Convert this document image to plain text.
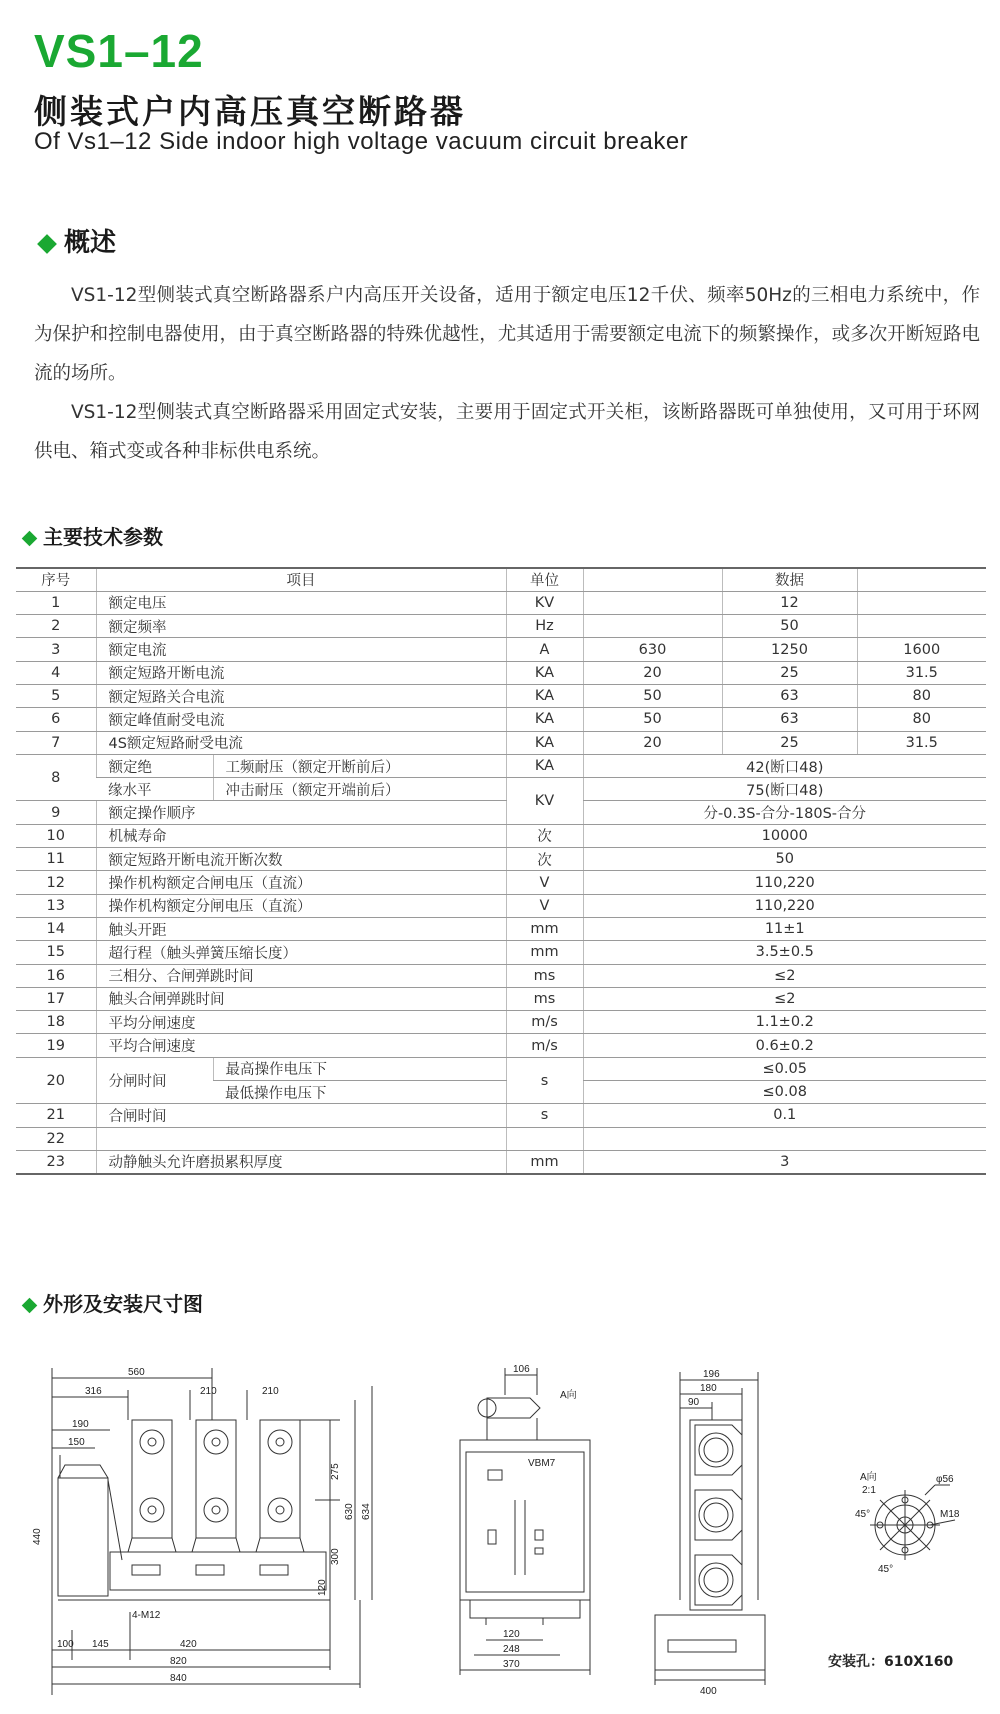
VS1–12
侧装式户内高压真空断路器
Of Vs1–12 Side indoor high voltage vacuum circuit breaker
概述

VS1-12型侧装式真空断路器系户内高压开关设备，适用于额定电压12千伏、频率50Hz的三相电力系统中，作为保护和控制电器使用，由于真空断路器的特殊优越性，尤其适用于需要额定电流下的频繁操作，或多次开断短路电流的场所。

VS1-12型侧装式真空断路器采用固定式安装，主要用于固定式开关柜，该断路器既可单独使用，又可用于环网供电、箱式变或各种非标供电系统。

主要技术参数
序号	项目		单位		数据	
1	额定电压		KV		12	
2	额定频率		Hz		50	
3	额定电流		A	630	1250	1600
4	额定短路开断电流		KA	20	25	31.5
5	额定短路关合电流		KA	50	63	80
6	额定峰值耐受电流		KA	50	63	80
7	4S额定短路耐受电流		KA	20	25	31.5
8	额定绝	工频耐压（额定开断前后）	KA	42(断口48)		
	缘水平	冲击耐压（额定开端前后）	KV	75(断口48)		
9	额定操作顺序			分-0.3S-合分-180S-合分		
10	机械寿命		次	10000		
11	额定短路开断电流开断次数		次	50		
12	操作机构额定合闸电压（直流）		V	110,220		
13	操作机构额定分闸电压（直流）		V	110,220		
14	触头开距		mm	11±1		
15	超行程（触头弹簧压缩长度）		mm	3.5±0.5		
16	三相分、合闸弹跳时间		ms	≤2		
17	触头合闸弹跳时间		ms	≤2		
18	平均分闸速度		m/s	1.1±0.2		
19	平均合闸速度		m/s	0.6±0.2		
20	分闸时间	最高操作电压下	s	≤0.05		
		最低操作电压下		≤0.08		
21	合闸时间		s	0.1		
22						
23	动静触头允许磨损累积厚度		mm	3		
外形及安装尺寸图
560
316	210	210
190
150
440
275
630 634
300
120
4-M12
100 145	420
820
840
106
A向
VBM7
120
248
370
196
180
90
400
A向
2:1
φ56
M18
45°
45°
安装孔：610X160
